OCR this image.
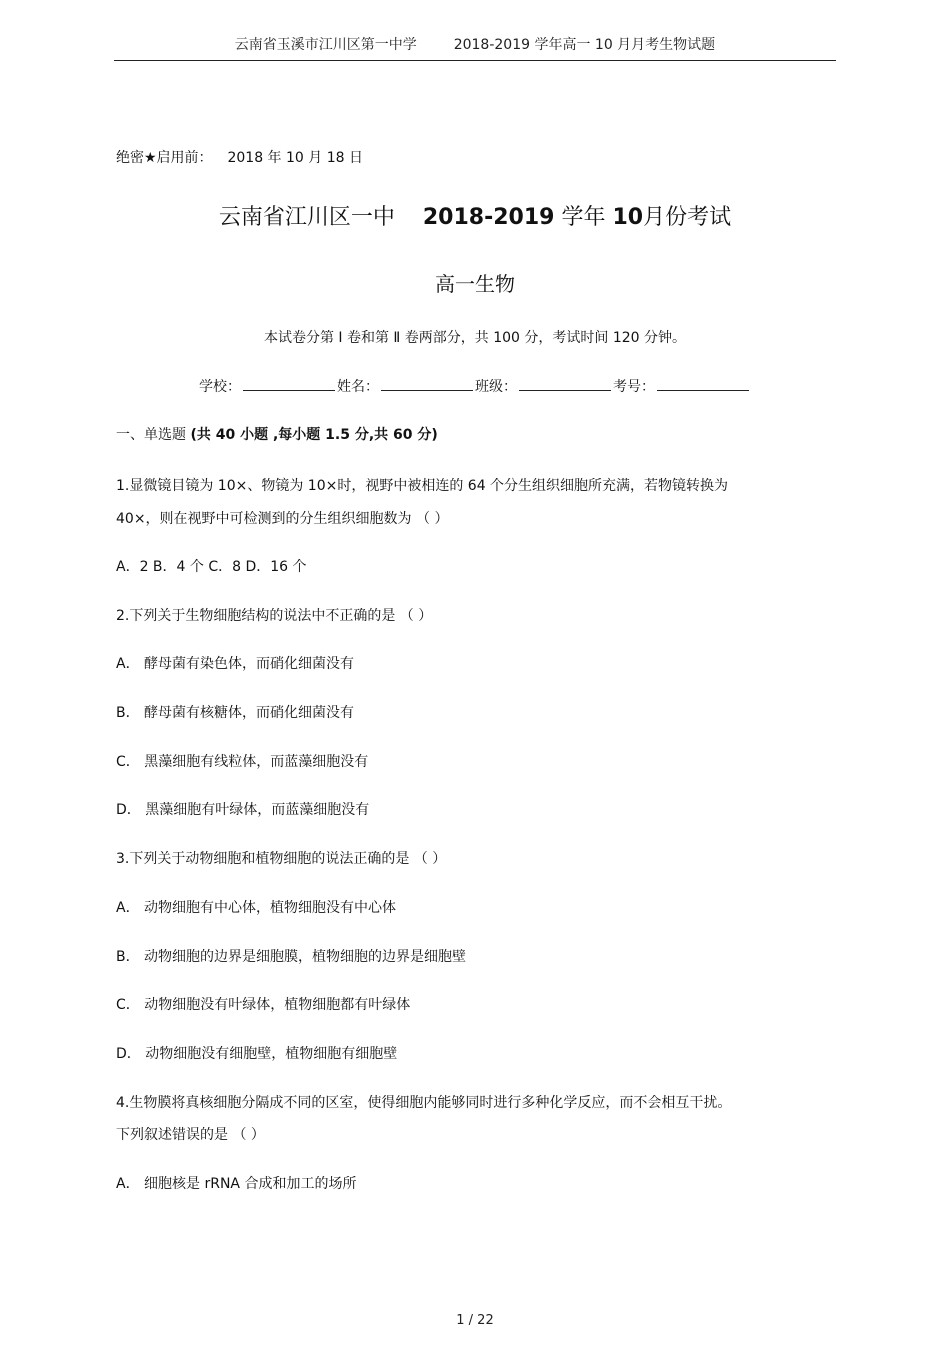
云南省玉溪市江川区第一中学	2018-2019 学年高一 10 月月考生物试题
绝密★启用前： 2018 年 10 月 18 日
云南省江川区一中 2018-2019 学年 10月份考试
高一生物
本试卷分第 Ⅰ 卷和第 Ⅱ 卷两部分，共 100 分，考试时间 120 分钟。
学校：	姓名：	班级：	考号：
一、单选题 (共 40 小题 ,每小题 1.5 分,共 60 分)
1.显微镜目镜为 10×、物镜为 10×时，视野中被相连的 64 个分生组织细胞所充满，若物镜转换为
40×，则在视野中可检测到的分生组织细胞数为 （ ）
A．2 B．4 个 C．8 D．16 个
2.下列关于生物细胞结构的说法中不正确的是 （ ）
A． 酵母菌有染色体，而硝化细菌没有
B． 酵母菌有核糖体，而硝化细菌没有
C． 黑藻细胞有线粒体，而蓝藻细胞没有
D． 黑藻细胞有叶绿体，而蓝藻细胞没有
3.下列关于动物细胞和植物细胞的说法正确的是 （ ）
A． 动物细胞有中心体，植物细胞没有中心体
B． 动物细胞的边界是细胞膜，植物细胞的边界是细胞壁
C． 动物细胞没有叶绿体，植物细胞都有叶绿体
D． 动物细胞没有细胞壁，植物细胞有细胞壁
4.生物膜将真核细胞分隔成不同的区室，使得细胞内能够同时进行多种化学反应，而不会相互干扰。
下列叙述错误的是 （ ）
A． 细胞核是 rRNA 合成和加工的场所
1 / 22
